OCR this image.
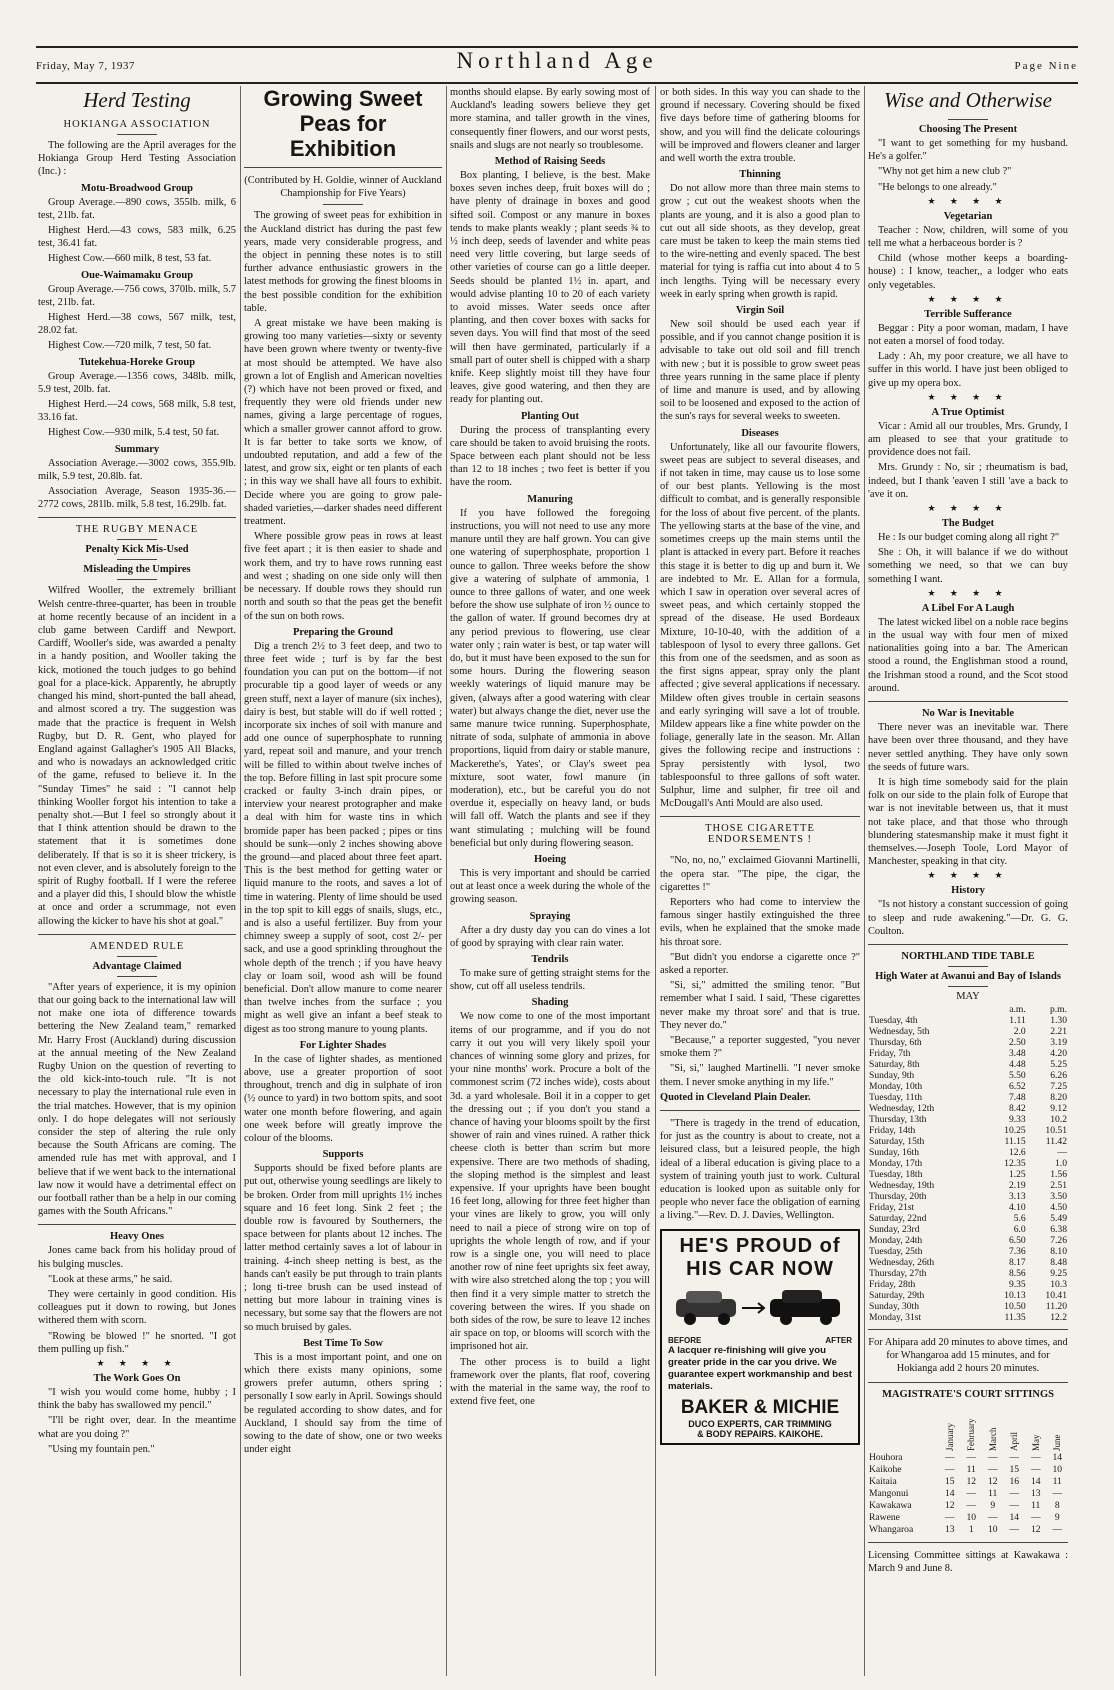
Friday, May 7, 1937	Northland Age	Page Nine
Herd Testing
HOKIANGA ASSOCIATION

The following are the April averages for the Hokianga Group Herd Testing Association (Inc.) :

Motu-Broadwood Group

Group Average.—890 cows, 355lb. milk, 6 test, 21lb. fat.

Highest Herd.—43 cows, 583 milk, 6.25 test, 36.41 fat.

Highest Cow.—660 milk, 8 test, 53 fat.

Oue-Waimamaku Group

Group Average.—756 cows, 370lb. milk, 5.7 test, 21lb. fat.

Highest Herd.—38 cows, 567 milk, test, 28.02 fat.

Highest Cow.—720 milk, 7 test, 50 fat.

Tutekehua-Horeke Group

Group Average.—1356 cows, 348lb. milk, 5.9 test, 20lb. fat.

Highest Herd.—24 cows, 568 milk, 5.8 test, 33.16 fat.

Highest Cow.—930 milk, 5.4 test, 50 fat.

Summary

Association Average.—3002 cows, 355.9lb. milk, 5.9 test, 20.8lb. fat.

Association Average, Season 1935-36.—2772 cows, 281lb. milk, 5.8 test, 16.29lb. fat.

THE RUGBY MENACE
Penalty Kick Mis-Used
Misleading the Umpires

Wilfred Wooller, the extremely brilliant Welsh centre-three-quarter, has been in trouble at home recently because of an incident in a club game between Cardiff and Newport. Cardiff, Wooller's side, was awarded a penalty in a handy position, and Wooller taking the kick, motioned the touch judges to go behind goal for a place-kick. Apparently, he abruptly changed his mind, short-punted the ball ahead, and almost scored a try. The suggestion was made that the practice is frequent in Welsh Rugby, but D. R. Gent, who played for England against Gallagher's 1905 All Blacks, and who is nowadays an acknowledged critic of the game, refused to believe it. In the "Sunday Times" he said : "I cannot help thinking Wooller forgot his intention to take a penalty shot.—But I feel so strongly about it that I think attention should be drawn to the statement that it is sometimes done deliberately. If that is so it is sheer trickery, is not even clever, and is absolutely foreign to the spirit of Rugby football. If I were the referee and a player did this, I should blow the whistle at once and order a scrummage, not even allowing the kicker to have his shot at goal."

AMENDED RULE
Advantage Claimed

"After years of experience, it is my opinion that our going back to the international law will not make one iota of difference towards bettering the New Zealand team," remarked Mr. Harry Frost (Auckland) during discussion at the annual meeting of the New Zealand Rugby Union on the question of reverting to the old kick-into-touch rule. "It is not necessary to play the international rule even in the trial matches. However, that is my opinion only. I do hope delegates will not seriously consider the step of altering the rule only because the South Africans are coming. The amended rule has met with approval, and I believe that if we went back to the international law now it would have a detrimental effect on our football rather than be a help in our coming games with the South Africans."

Heavy Ones

Jones came back from his holiday proud of his bulging muscles.

"Look at these arms," he said.

They were certainly in good condition. His colleagues put it down to rowing, but Jones withered them with scorn.

"Rowing be blowed !" he snorted. "I got them pulling up fish."

★ ★ ★ ★
The Work Goes On

"I wish you would come home, hubby ; I think the baby has swallowed my pencil."

"I'll be right over, dear. In the meantime what are you doing ?"

"Using my fountain pen."

Growing Sweet Peas for Exhibition

(Contributed by H. Goldie, winner of Auckland Championship for Five Years)

The growing of sweet peas for exhibition in the Auckland district has during the past few years, made very considerable progress, and the object in penning these notes is to still further advance enthusiastic growers in the latest methods for growing the finest blooms in the best possible condition for the exhibition table.

A great mistake we have been making is growing too many varieties—sixty or seventy have been grown where twenty or twenty-five at most should be attempted. We have also grown a lot of English and American novelties (?) which have not been proved or fixed, and frequently they were old friends under new names, giving a large percentage of rogues, which a smaller grower cannot afford to grow. It is far better to take sorts we know, of undoubted reputation, and add a few of the latest, and grow six, eight or ten plants of each ; in this way we shall have all fours to exhibit. Decide where you are going to grow pale-shaded varieties,—darker shades need different treatment.

Where possible grow peas in rows at least five feet apart ; it is then easier to shade and work them, and try to have rows running east and west ; shading on one side only will then be necessary. If double rows they should run north and south so that the peas get the benefit of the sun on both rows.

Preparing the Ground

Dig a trench 2½ to 3 feet deep, and two to three feet wide ; turf is by far the best foundation you can put on the bottom—if not procurable tip a good layer of weeds or any green stuff, next a layer of manure (six inches), dairy is best, but stable will do if well rotted ; incorporate six inches of soil with manure and add one ounce of superphosphate to running yard, repeat soil and manure, and your trench will be filled to within about twelve inches of the top. Before filling in last spit procure some cracked or faulty 3-inch drain pipes, or interview your nearest protographer and make a deal with him for waste tins in which bromide paper has been packed ; pipes or tins should be sunk—only 2 inches showing above the ground—and placed about three feet apart. This is the best method for getting water or liquid manure to the roots, and saves a lot of time in watering. Plenty of lime should be used in the top spit to kill eggs of snails, slugs, etc., and is also a useful fertilizer. Buy from your chimney sweep a supply of soot, cost 2/- per sack, and use a good sprinkling throughout the whole depth of the trench ; if you have heavy clay or loam soil, wood ash will be found beneficial. Don't allow manure to come nearer than twelve inches from the surface ; you might as well give an infant a beef steak to digest as too strong manure to young plants.

For Lighter Shades

In the case of lighter shades, as mentioned above, use a greater proportion of soot throughout, trench and dig in sulphate of iron (½ ounce to yard) in two bottom spits, and soot water one month before flowering, and again one week before will greatly improve the colour of the blooms.

Supports

Supports should be fixed before plants are put out, otherwise young seedlings are likely to be broken. Order from mill uprights 1½ inches square and 16 feet long. Sink 2 feet ; the double row is favoured by Southerners, the space between for plants about 12 inches. The latter method certainly saves a lot of labour in training. 4-inch sheep netting is best, as the hands can't easily be put through to train plants ; long ti-tree brush can be used instead of netting but more labour in training vines is necessary, but some say that the flowers are not so much bruised by gales.

Best Time To Sow

This is a most important point, and one on which there exists many opinions, some growers prefer autumn, others spring ; personally I sow early in April. Sowings should be regulated according to show dates, and for Auckland, I should say from the time of sowing to the date of show, one or two weeks under eight

months should elapse. By early sowing most of Auckland's leading sowers believe they get more stamina, and taller growth in the vines, consequently finer flowers, and our worst pests, snails and slugs are not nearly so troublesome.

Method of Raising Seeds

Box planting, I believe, is the best. Make boxes seven inches deep, fruit boxes will do ; have plenty of drainage in boxes and good sifted soil. Compost or any manure in boxes tends to make plants weakly ; plant seeds ¾ to ½ inch deep, seeds of lavender and white peas need very little covering, but large seeds of other varieties of course can go a little deeper. Seeds should be planted 1½ in. apart, and would advise planting 10 to 20 of each variety to avoid misses. Water seeds once after planting, and then cover boxes with sacks for seven days. You will find that most of the seed will then have germinated, particularly if a small part of outer shell is chipped with a sharp knife. Keep slightly moist till they have four leaves, give good watering, and then they are ready for planting out.

Planting Out

During the process of transplanting every care should be taken to avoid bruising the roots. Space between each plant should not be less than 12 to 18 inches ; two feet is better if you have the room.

Manuring

If you have followed the foregoing instructions, you will not need to use any more manure until they are half grown. You can give one watering of superphosphate, proportion 1 ounce to gallon. Three weeks before the show give a watering of sulphate of ammonia, 1 ounce to three gallons of water, and one week before the show use sulphate of iron ½ ounce to the gallon of water. If ground becomes dry at any period previous to flowering, use clear water only ; rain water is best, or tap water will do, but it must have been exposed to the sun for some hours. During the flowering season weekly waterings of liquid manure may be given, (always after a good watering with clear water) but always change the diet, never use the same manure twice running. Superphosphate, nitrate of soda, sulphate of ammonia in above proportions, liquid from dairy or stable manure, Mackerethe's, Yates', or Clay's sweet pea mixture, soot water, fowl manure (in moderation), etc., but be careful you do not overdue it, especially on heavy land, or buds will fall off. Watch the plants and see if they want stimulating ; mulching will be found beneficial but only during flowering season.

Hoeing

This is very important and should be carried out at least once a week during the whole of the growing season.

Spraying

After a dry dusty day you can do vines a lot of good by spraying with clear rain water.

Tendrils

To make sure of getting straight stems for the show, cut off all useless tendrils.

Shading

We now come to one of the most important items of our programme, and if you do not carry it out you will very likely spoil your chances of winning some glory and prizes, for your nine months' work. Procure a bolt of the commonest scrim (72 inches wide), costs about 3d. a yard wholesale. Boil it in a copper to get the dressing out ; if you don't you stand a chance of having your blooms spoilt by the first shower of rain and vines ruined. A rather thick cheese cloth is better than scrim but more expensive. There are two methods of shading, the sloping method is the simplest and least expensive. If your uprights have been bought 16 feet long, allowing for three feet higher than your vines are likely to grow, you will only need to nail a piece of strong wire on top of uprights the whole length of row, and if your row is a single one, you will need to place another row of nine feet uprights six feet away, with wire also stretched along the top ; you will then find it a very simple matter to stretch the covering between the wires. If you shade on both sides of the row, be sure to leave 12 inches air space on top, or blooms will scorch with the imprisoned hot air.

The other process is to build a light framework over the plants, flat roof, covering with the material in the same way, the roof to extend five feet, one

or both sides. In this way you can shade to the ground if necessary. Covering should be fixed five days before time of gathering blooms for show, and you will find the delicate colourings will be improved and flowers cleaner and larger and well worth the extra trouble.

Thinning

Do not allow more than three main stems to grow ; cut out the weakest shoots when the plants are young, and it is also a good plan to cut out all side shoots, as they develop, great care must be taken to keep the main stems tied to the wire-netting and evenly spaced. The best material for tying is raffia cut into about 4 to 5 inch lengths. Tying will be necessary every week in early spring when growth is rapid.

Virgin Soil

New soil should be used each year if possible, and if you cannot change position it is advisable to take out old soil and fill trench with new ; but it is possible to grow sweet peas three years running in the same place if plenty of lime and manure is used, and by allowing soil to be loosened and exposed to the action of the sun's rays for several weeks to sweeten.

Diseases

Unfortunately, like all our favourite flowers, sweet peas are subject to several diseases, and if not taken in time, may cause us to lose some of our best plants. Yellowing is the most difficult to combat, and is generally responsible for the loss of about five percent. of the plants. The yellowing starts at the base of the vine, and sometimes creeps up the main stems until the plant is attacked in every part. Before it reaches this stage it is better to dig up and burn it. We are indebted to Mr. E. Allan for a formula, which I saw in operation over several acres of sweet peas, and which certainly stopped the spread of the disease. He used Bordeaux Mixture, 10-10-40, with the addition of a tablespoon of lysol to every three gallons. Get this from one of the seedsmen, and as soon as the first signs appear, spray only the plant affected ; give several applications if necessary. Mildew often gives trouble in certain seasons and early syringing will save a lot of trouble. Mildew appears like a fine white powder on the foliage, generally late in the season. Mr. Allan gives the following recipe and instructions : Spray persistently with lysol, two tablespoonsful to three gallons of soft water. Sulphur, lime and sulpher, fir tree oil and McDougall's Anti Mould are also used.

THOSE CIGARETTE ENDORSEMENTS !

"No, no, no," exclaimed Giovanni Martinelli, the opera star. "The pipe, the cigar, the cigarettes !"

Reporters who had come to interview the famous singer hastily extinguished the three evils, when he explained that the smoke made his throat sore.

"But didn't you endorse a cigarette once ?" asked a reporter.

"Si, si," admitted the smiling tenor. "But remember what I said. I said, 'These cigarettes never make my throat sore' and that is true. They never do."

"Because," a reporter suggested, "you never smoke them ?"

"Si, si," laughed Martinelli. "I never smoke them. I never smoke anything in my life."

Quoted in Cleveland Plain Dealer.

"There is tragedy in the trend of education, for just as the country is about to create, not a leisured class, but a leisured people, the high ideal of a liberal education is giving place to a system of training youth just to work. Cultural education is looked upon as suitable only for people who never face the obligation of earning a living."—Rev. D. J. Davies, Wellington.

HE'S PROUD of HIS CAR NOW
BEFORE	AFTER
A lacquer re-finishing will give you greater pride in the car you drive. We guarantee expert workmanship and best materials.
BAKER & MICHIE
DUCO EXPERTS, CAR TRIMMING
& BODY REPAIRS. KAIKOHE.
Wise and Otherwise
Choosing The Present

"I want to get something for my husband. He's a golfer."

"Why not get him a new club ?"

"He belongs to one already."

★ ★ ★ ★
Vegetarian

Teacher : Now, children, will some of you tell me what a herbaceous border is ?

Child (whose mother keeps a boarding-house) : I know, teacher,, a lodger who eats only vegetables.

★ ★ ★ ★
Terrible Sufferance

Beggar : Pity a poor woman, madam, I have not eaten a morsel of food today.

Lady : Ah, my poor creature, we all have to suffer in this world. I have just been obliged to give up my opera box.

★ ★ ★ ★
A True Optimist

Vicar : Amid all our troubles, Mrs. Grundy, I am pleased to see that your gratitude to providence does not fail.

Mrs. Grundy : No, sir ; rheumatism is bad, indeed, but I thank 'eaven I still 'ave a back to 'ave it on.

★ ★ ★ ★
The Budget

He : Is our budget coming along all right ?"

She : Oh, it will balance if we do without something we need, so that we can buy something I want.

★ ★ ★ ★
A Libel For A Laugh

The latest wicked libel on a noble race begins in the usual way with four men of mixed nationalities going into a bar. The American stood a round, the Englishman stood a round, the Irishman stood a round, and the Scot stood around.

No War is Inevitable

There never was an inevitable war. There have been over three thousand, and they have never settled anything. They have only sown the seeds of future wars.

It is high time somebody said for the plain folk on our side to the plain folk of Europe that war is not inevitable between us, that it must not take place, and that those who through blundering statesmanship make it must fight it themselves.—Joseph Toole, Lord Mayor of Manchester, speaking in that city.

★ ★ ★ ★
History

"Is not history a constant succession of going to sleep and rude awakening."—Dr. G. G. Coulton.

NORTHLAND TIDE TABLE
High Water at Awanui and Bay of Islands
MAY
	a.m.	p.m.
Tuesday, 4th	1.11	1.30
Wednesday, 5th	2.0	2.21
Thursday, 6th	2.50	3.19
Friday, 7th	3.48	4.20
Saturday, 8th	4.48	5.25
Sunday, 9th	5.50	6.26
Monday, 10th	6.52	7.25
Tuesday, 11th	7.48	8.20
Wednesday, 12th	8.42	9.12
Thursday, 13th	9.33	10.2
Friday, 14th	10.25	10.51
Saturday, 15th	11.15	11.42
Sunday, 16th	12.6	—
Monday, 17th	12.35	1.0
Tuesday, 18th	1.25	1.56
Wednesday, 19th	2.19	2.51
Thursday, 20th	3.13	3.50
Friday, 21st	4.10	4.50
Saturday, 22nd	5.6	5.49
Sunday, 23rd	6.0	6.38
Monday, 24th	6.50	7.26
Tuesday, 25th	7.36	8.10
Wednesday, 26th	8.17	8.48
Thursday, 27th	8.56	9.25
Friday, 28th	9.35	10.3
Saturday, 29th	10.13	10.41
Sunday, 30th	10.50	11.20
Monday, 31st	11.35	12.2

For Ahipara add 20 minutes to above times, and for Whangaroa add 15 minutes, and for Hokianga add 2 hours 20 minutes.

MAGISTRATE'S COURT SITTINGS
	January	February	March	April	May	June
Houhora	—	—	—	—	—	14
Kaikohe	—	11	—	15	—	10
Kaitaia	15	12	12	16	14	11
Mangonui	14	—	11	—	13	—
Kawakawa	12	—	9	—	11	8
Rawene	—	10	—	14	—	9
Whangaroa	13	1	10	—	12	—

Licensing Committee sittings at Kawakawa : March 9 and June 8.
